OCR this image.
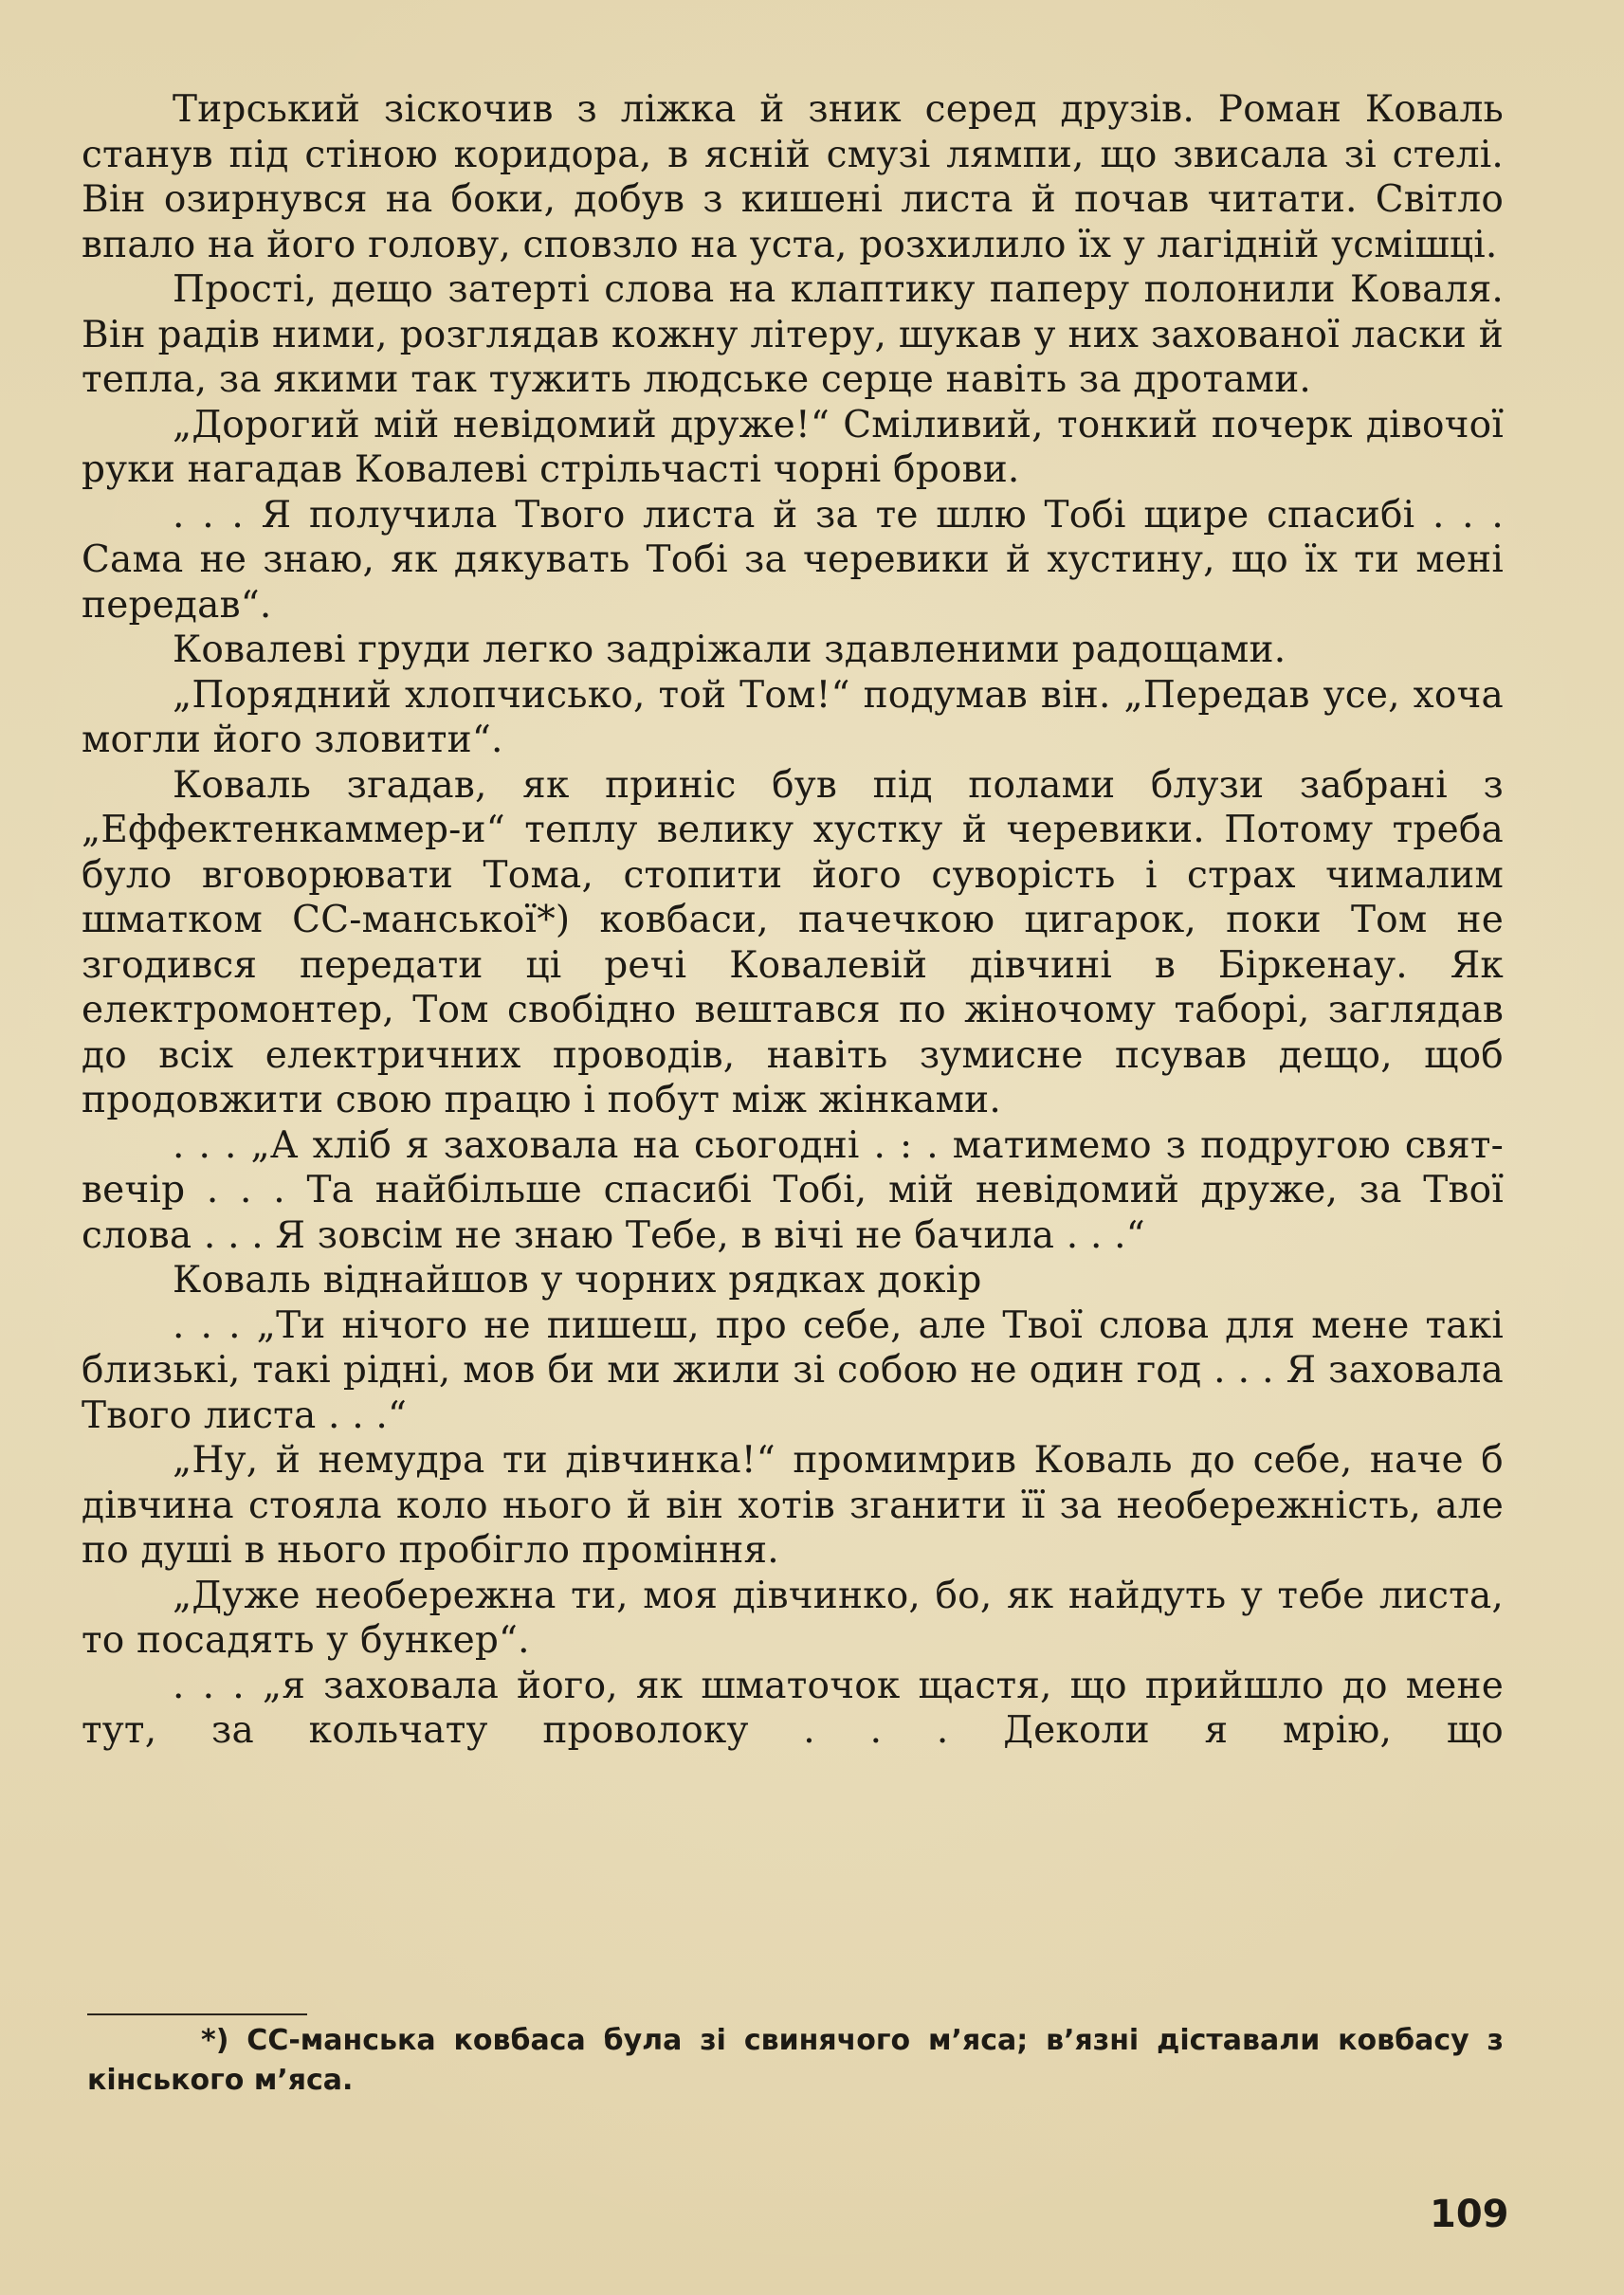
Тирський зіскочив з ліжка й зник серед друзів. Роман Коваль станув під стіною коридора, в ясній смузі лямпи, що звисала зі стелі. Він озирнувся на боки, добув з кишені листа й почав читати. Світло впало на його голову, сповзло на уста, розхилило їх у лагідній усмішці.

Прості, дещо затерті слова на клаптику паперу полонили Коваля. Він радів ними, розглядав кожну літеру, шукав у них захованої ласки й тепла, за якими так тужить людське серце навіть за дротами.

„Дорогий мій невідомий друже!“ Сміливий, тонкий почерк дівочої руки нагадав Ковалеві стрільчасті чорні брови.

. . . Я получила Твого листа й за те шлю Тобі щире спасибі . . . Сама не знаю, як дякувать Тобі за черевики й хустину, що їх ти мені передав“.

Ковалеві груди легко задрiжали здавленими радощами.

„Порядний хлопчисько, той Том!“ подумав він. „Передав усе, хоча могли його зловити“.

Коваль згадав, як приніс був під полами блузи забрані з „Еффектенкаммер-и“ теплу велику хустку й черевики. Потому треба було вговорювати Тома, стопити його суворість і страх чималим шматком СС-манської*) ковбаси, пачечкою цигарок, поки Том не згодився передати ці речі Ковалевій дівчині в Біркенау. Як електромонтер, Том свобідно вештався по жіночому таборі, заглядав до всіх електричних проводів, навіть зумисне псував дещо, щоб продовжити свою працю і побут між жінками.

. . . „А хліб я заховала на сьогодні . : . матимемо з подругою свят-вечір . . . Та найбільше спасибі Тобі, мій невідомий друже, за Твої слова . . . Я зовсім не знаю Тебе, в вічі не бачила . . .“

Коваль віднайшов у чорних рядках докір

. . . „Ти нічого не пишеш, про себе, але Твої слова для мене такі близькі, такі рідні, мов би ми жили зі собою не один год . . . Я заховала Твого листа . . .“

„Ну, й немудра ти дівчинка!“ промимрив Коваль до себе, наче б дівчина стояла коло нього й він хотів зганити її за необережність, але по душі в нього пробігло проміння.

„Дуже необережна ти, моя дівчинко, бо, як найдуть у тебе листа, то посадять у бункер“.

. . . „я заховала його, як шматочок щастя, що прийшло до мене тут, за кольчату проволоку . . . Деколи я мрію, що

*) СС-манська ковбаса була зі свинячого м’яса; в’язні діставали ковбасу з кінського м’яса.

109
